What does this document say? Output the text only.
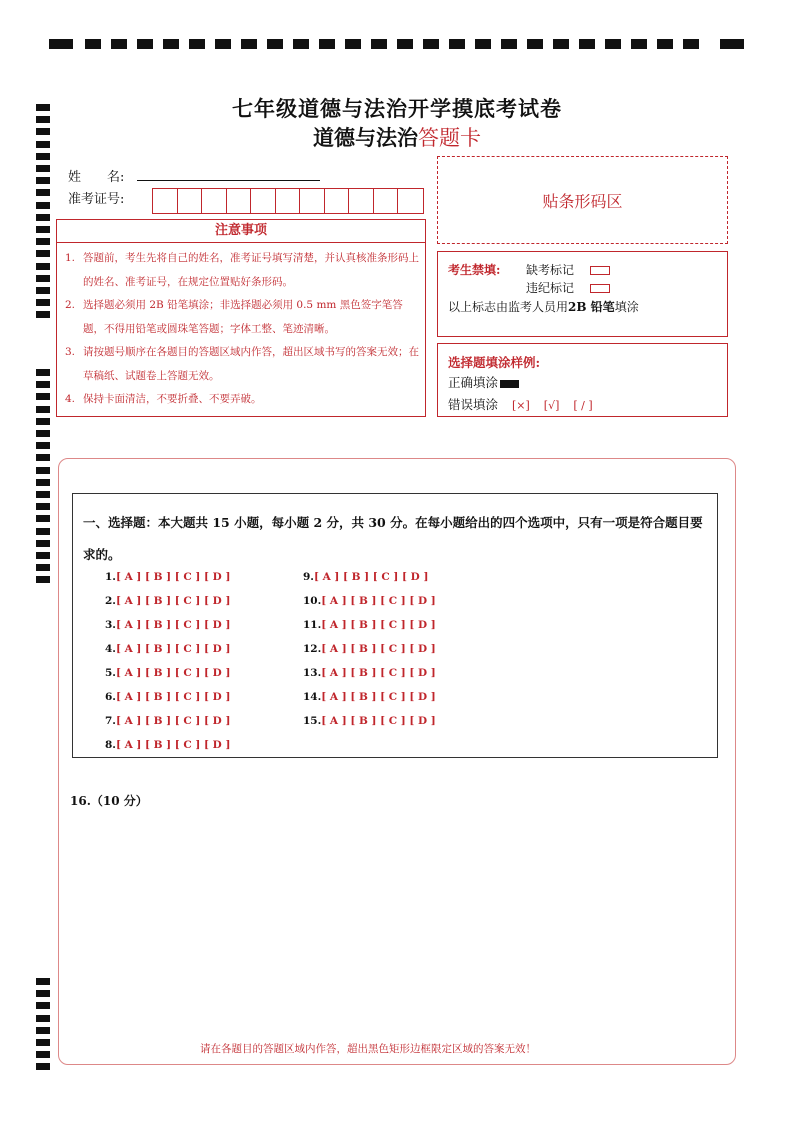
七年级道德与法治开学摸底考试卷
道德与法治答题卡
姓　　名:
准考证号:	贴条形码区
注意事项
1. 答题前，考生先将自己的姓名，准考证号填写清楚，并认真核准条形码上的姓名、准考证号，在规定位置贴好条形码。
2. 选择题必须用 2B 铅笔填涂；非选择题必须用 0.5 mm 黑色签字笔答题，不得用铅笔或圆珠笔答题；字体工整、笔迹清晰。
3. 请按题号顺序在各题目的答题区域内作答，超出区域书写的答案无效；在草稿纸、试题卷上答题无效。
4. 保持卡面清洁，不要折叠、不要弄破。
考生禁填: 缺考标记
违纪标记
以上标志由监考人员用2B 铅笔填涂
选择题填涂样例:
正确填涂
错误填涂 [×] [√] [ / ]
一、选择题：本大题共 15 小题，每小题 2 分，共 30 分。在每小题给出的四个选项中，只有一项是符合题目要求的。
1.[ A ] [ B ] [ C ] [ D ]
2.[ A ] [ B ] [ C ] [ D ]
3.[ A ] [ B ] [ C ] [ D ]
4.[ A ] [ B ] [ C ] [ D ]
5.[ A ] [ B ] [ C ] [ D ]
6.[ A ] [ B ] [ C ] [ D ]
7.[ A ] [ B ] [ C ] [ D ]
8.[ A ] [ B ] [ C ] [ D ]
9.[ A ] [ B ] [ C ] [ D ]
10.[ A ] [ B ] [ C ] [ D ]
11.[ A ] [ B ] [ C ] [ D ]
12.[ A ] [ B ] [ C ] [ D ]
13.[ A ] [ B ] [ C ] [ D ]
14.[ A ] [ B ] [ C ] [ D ]
15.[ A ] [ B ] [ C ] [ D ]
16.（10 分）
请在各题目的答题区域内作答，超出黑色矩形边框限定区域的答案无效！
